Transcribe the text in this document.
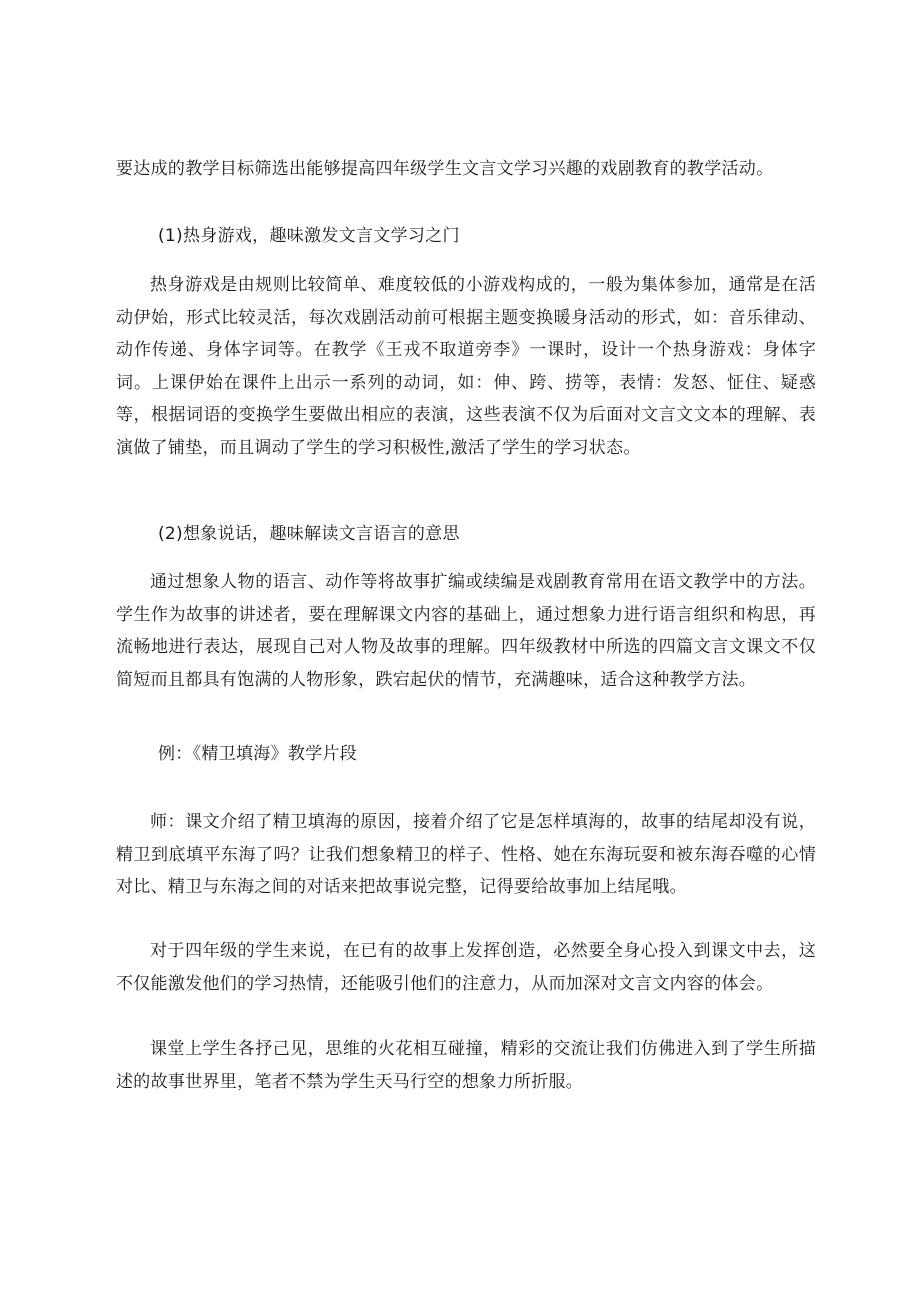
要达成的教学目标筛选出能够提高四年级学生文言文学习兴趣的戏剧教育的教学活动。

(1)热身游戏，趣味激发文言文学习之门

热身游戏是由规则比较简单、难度较低的小游戏构成的，一般为集体参加，通常是在活动伊始，形式比较灵活，每次戏剧活动前可根据主题变换暖身活动的形式，如：音乐律动、动作传递、身体字词等。在教学《王戎不取道旁李》一课时，设计一个热身游戏：身体字词。上课伊始在课件上出示一系列的动词，如：伸、跨、捞等，表情：发怒、怔住、疑惑等，根据词语的变换学生要做出相应的表演，这些表演不仅为后面对文言文文本的理解、表演做了铺垫，而且调动了学生的学习积极性,激活了学生的学习状态。

(2)想象说话，趣味解读文言语言的意思

通过想象人物的语言、动作等将故事扩编或续编是戏剧教育常用在语文教学中的方法。学生作为故事的讲述者，要在理解课文内容的基础上，通过想象力进行语言组织和构思，再流畅地进行表达，展现自己对人物及故事的理解。四年级教材中所选的四篇文言文课文不仅简短而且都具有饱满的人物形象，跌宕起伏的情节，充满趣味，适合这种教学方法。

例：《精卫填海》教学片段

师：课文介绍了精卫填海的原因，接着介绍了它是怎样填海的，故事的结尾却没有说，精卫到底填平东海了吗？让我们想象精卫的样子、性格、她在东海玩耍和被东海吞噬的心情对比、精卫与东海之间的对话来把故事说完整，记得要给故事加上结尾哦。

对于四年级的学生来说，在已有的故事上发挥创造，必然要全身心投入到课文中去，这不仅能激发他们的学习热情，还能吸引他们的注意力，从而加深对文言文内容的体会。

课堂上学生各抒己见，思维的火花相互碰撞，精彩的交流让我们仿佛进入到了学生所描述的故事世界里，笔者不禁为学生天马行空的想象力所折服。
